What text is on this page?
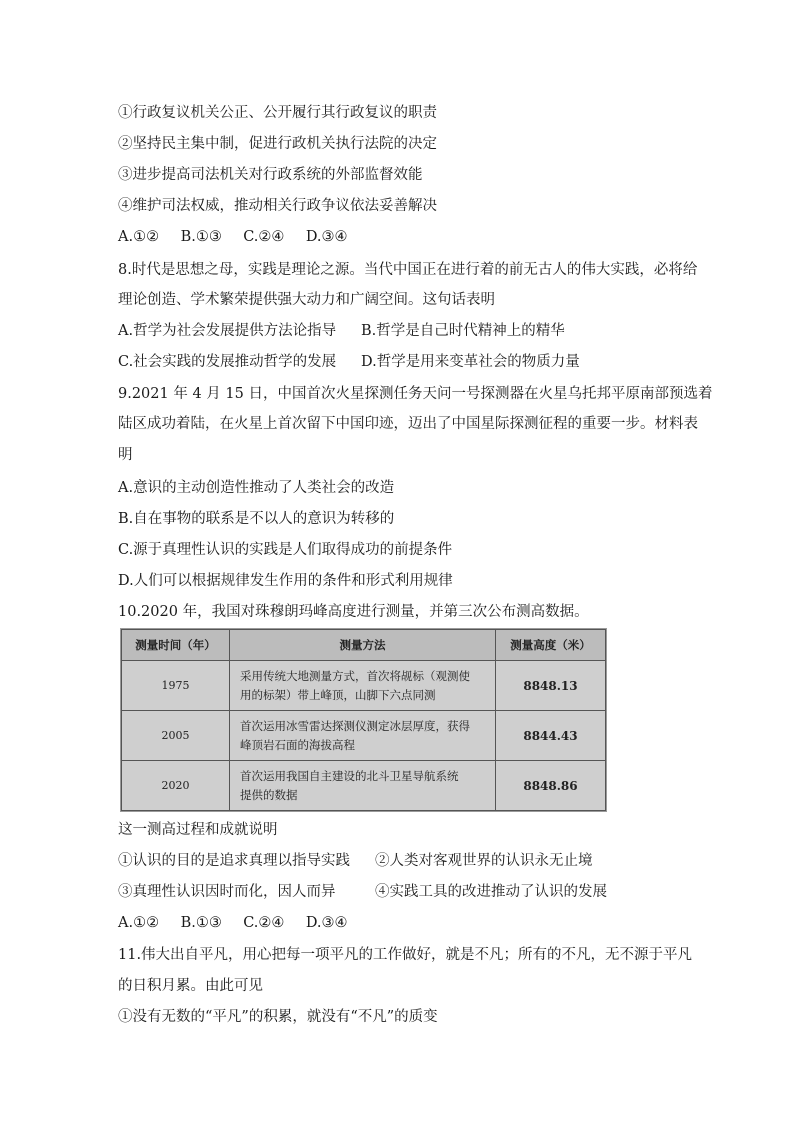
①行政复议机关公正、公开履行其行政复议的职责
②坚持民主集中制，促进行政机关执行法院的决定
③进步提高司法机关对行政系统的外部监督效能
④维护司法权威，推动相关行政争议依法妥善解决
A.①② B.①③ C.②④ D.③④
8.时代是思想之母，实践是理论之源。当代中国正在进行着的前无古人的伟大实践，必将给
理论创造、学术繁荣提供强大动力和广阔空间。这句话表明
A.哲学为社会发展提供方法论指导 B.哲学是自己时代精神上的精华
C.社会实践的发展推动哲学的发展 D.哲学是用来变革社会的物质力量
9.2021 年 4 月 15 日，中国首次火星探测任务天问一号探测器在火星乌托邦平原南部预选着
陆区成功着陆，在火星上首次留下中国印迹，迈出了中国星际探测征程的重要一步。材料表
明
A.意识的主动创造性推动了人类社会的改造
B.自在事物的联系是不以人的意识为转移的
C.源于真理性认识的实践是人们取得成功的前提条件
D.人们可以根据规律发生作用的条件和形式利用规律
10.2020 年，我国对珠穆朗玛峰高度进行测量，并第三次公布测高数据。
测量时间（年）	测量方法	测量高度（米）
1975	采用传统大地测量方式，首次将觇标（观测使
用的标架）带上峰顶，山脚下六点同测	8848.13
2005	首次运用冰雪雷达探测仪测定冰层厚度，获得
峰顶岩石面的海拔高程	8844.43
2020	首次运用我国自主建设的北斗卫星导航系统
提供的数据	8848.86
这一测高过程和成就说明
①认识的目的是追求真理以指导实践 ②人类对客观世界的认识永无止境
③真理性认识因时而化，因人而异	④实践工具的改进推动了认识的发展
A.①② B.①③ C.②④ D.③④
11.伟大出自平凡，用心把每一项平凡的工作做好，就是不凡；所有的不凡，无不源于平凡
的日积月累。由此可见
①没有无数的“平凡”的积累，就没有“不凡”的质变
